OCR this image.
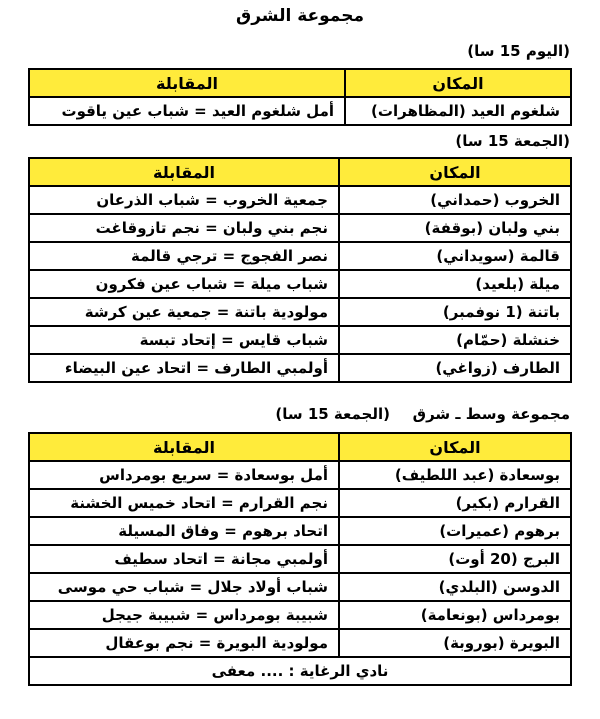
مجموعة الشرق
(اليوم 15 سا)
المكان	المقابلة
شلغوم العيد (المظاهرات)	أمل شلغوم العيد = شباب عين ياقوت
(الجمعة 15 سا)
المكان	المقابلة
الخروب (حمداني)	جمعية الخروب = شباب الذرعان
بني ولبان (بوقفة)	نجم بني ولبان = نجم تازوقاغت
قالمة (سويداني)	نصر الفجوج = ترجي قالمة
ميلة (بلعيد)	شباب ميلة = شباب عين فكرون
باتنة (1 نوفمبر)	مولودية باتنة = جمعية عين كرشة
خنشلة (حمّام)	شباب قايس = إتحاد تبسة
الطارف (زواغي)	أولمبي الطارف = اتحاد عين البيضاء
مجموعة وسط ـ شرق
(الجمعة 15 سا)
المكان	المقابلة
بوسعادة (عبد اللطيف)	أمل بوسعادة = سريع بومرداس
القرارم (بكير)	نجم القرارم = اتحاد خميس الخشنة
برهوم (عميرات)	اتحاد برهوم = وفاق المسيلة
البرج (20 أوت)	أولمبي مجانة = اتحاد سطيف
الدوسن (البلدي)	شباب أولاد جلال = شباب حي موسى
بومرداس (بونعامة)	شبيبة بومرداس = شبيبة جيجل
البويرة (بوروبة)	مولودية البويرة = نجم بوعقال
نادي الرغاية : .... معفى	
